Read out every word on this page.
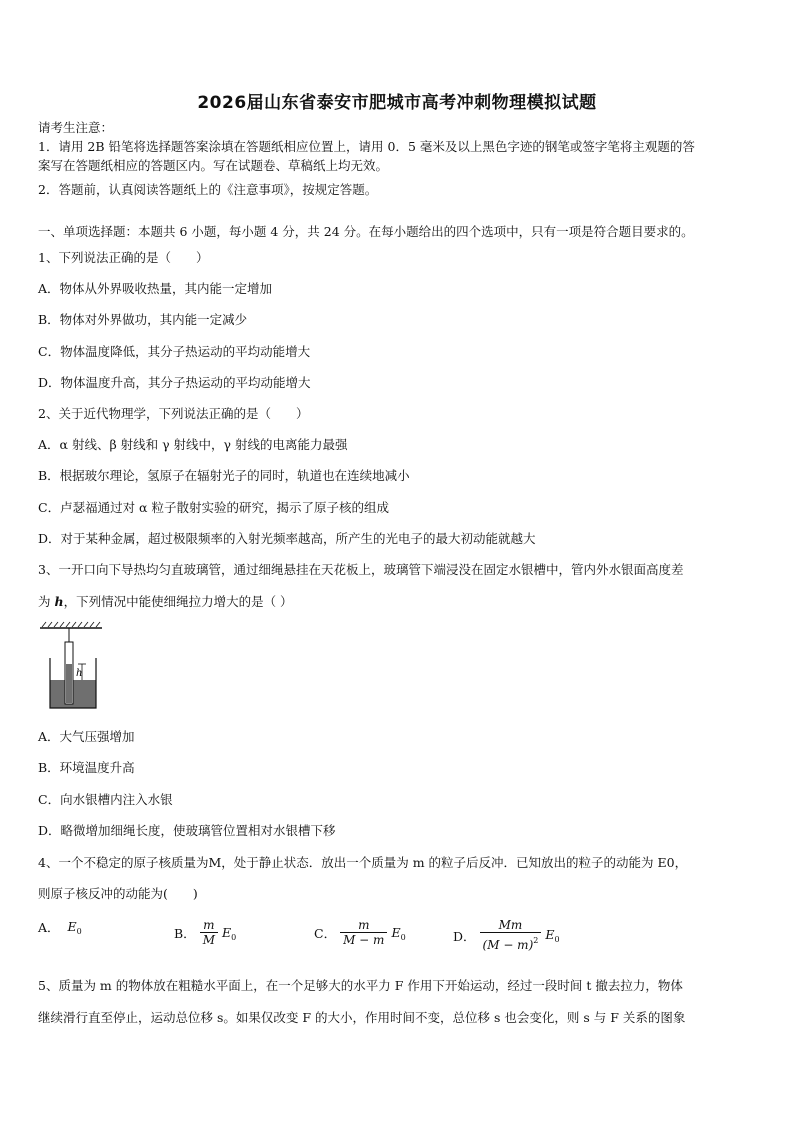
2026届山东省泰安市肥城市高考冲刺物理模拟试题
请考生注意：
1．请用 2B 铅笔将选择题答案涂填在答题纸相应位置上，请用 0．5 毫米及以上黑色字迹的钢笔或签字笔将主观题的答
案写在答题纸相应的答题区内。写在试题卷、草稿纸上均无效。
2．答题前，认真阅读答题纸上的《注意事项》，按规定答题。
一、单项选择题：本题共 6 小题，每小题 4 分，共 24 分。在每小题给出的四个选项中，只有一项是符合题目要求的。
1、下列说法正确的是（　　）
A．物体从外界吸收热量，其内能一定增加
B．物体对外界做功，其内能一定减少
C．物体温度降低，其分子热运动的平均动能增大
D．物体温度升高，其分子热运动的平均动能增大
2、关于近代物理学，下列说法正确的是（　　）
A．α 射线、β 射线和 γ 射线中，γ 射线的电离能力最强
B．根据玻尔理论，氢原子在辐射光子的同时，轨道也在连续地减小
C．卢瑟福通过对 α 粒子散射实验的研究，揭示了原子核的组成
D．对于某种金属，超过极限频率的入射光频率越高，所产生的光电子的最大初动能就越大
3、一开口向下导热均匀直玻璃管，通过细绳悬挂在天花板上，玻璃管下端浸没在固定水银槽中，管内外水银面高度差
为 h，下列情况中能使细绳拉力增大的是（ ）
h
A．大气压强增加
B．环境温度升高
C．向水银槽内注入水银
D．略微增加细绳长度，使玻璃管位置相对水银槽下移
4、一个不稳定的原子核质量为M，处于静止状态．放出一个质量为 m 的粒子后反冲．已知放出的粒子的动能为 E0，
则原子核反冲的动能为(　　)
A． $E_0$	B． $\frac{m}{M} E_0$	C． $\frac{m}{M - m} E_0$	D． $\frac{Mm}{(M - m)^2} E_0$
5、质量为 m 的物体放在粗糙水平面上，在一个足够大的水平力 F 作用下开始运动，经过一段时间 t 撤去拉力，物体
继续滑行直至停止，运动总位移 s。如果仅改变 F 的大小，作用时间不变，总位移 s 也会变化，则 s 与 F 关系的图象
